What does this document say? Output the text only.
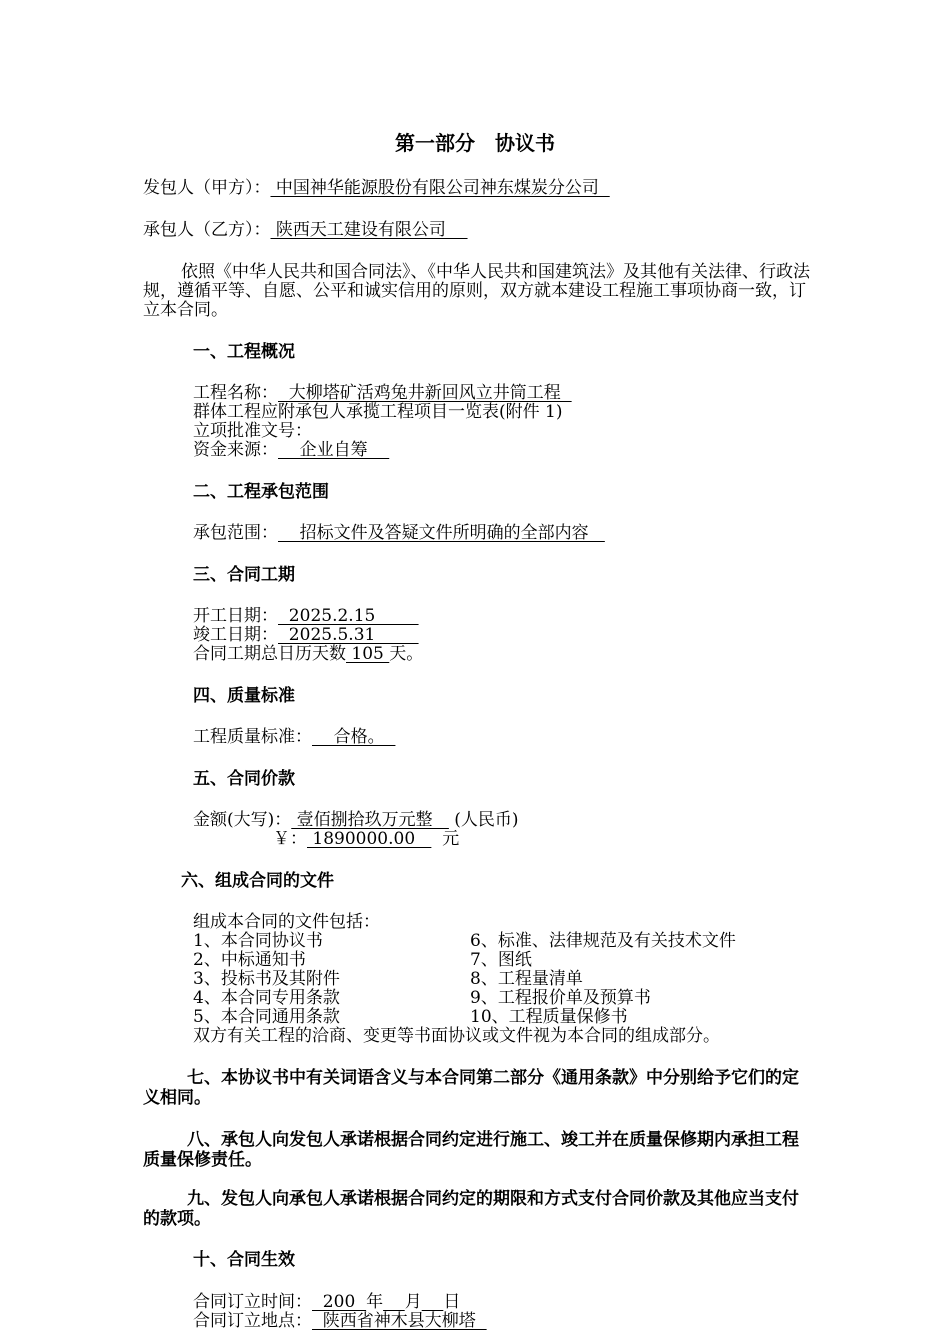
第一部分　协议书
发包人（甲方）： 中国神华能源股份有限公司神东煤炭分公司
承包人（乙方）： 陕西天工建设有限公司
依照《中华人民共和国合同法》、《中华人民共和国建筑法》及其他有关法律、行政法规，遵循平等、自愿、公平和诚实信用的原则，双方就本建设工程施工事项协商一致，订立本合同。
一、工程概况
工程名称：  大柳塔矿活鸡兔井新回风立井筒工程
群体工程应附承包人承揽工程项目一览表(附件 1)
立项批准文号：
资金来源：    企业自筹
二、工程承包范围
承包范围：    招标文件及答疑文件所明确的全部内容
三、合同工期
开工日期：  2025.2.15
竣工日期：  2025.5.31
合同工期总日历天数 105 天。
四、质量标准
工程质量标准：    合格。
五、合同价款
金额(大写)： 壹佰捌拾玖万元整    (人民币)
￥： 1890000.00     元
六、组成合同的文件
组成本合同的文件包括：
1、本合同协议书
2、中标通知书
3、投标书及其附件
4、本合同专用条款
5、本合同通用条款
6、标准、法律规范及有关技术文件
7、图纸
8、工程量清单
9、工程报价单及预算书
10、工程质量保修书
双方有关工程的洽商、变更等书面协议或文件视为本合同的组成部分。
七、本协议书中有关词语含义与本合同第二部分《通用条款》中分别给予它们的定义相同。
八、承包人向发包人承诺根据合同约定进行施工、竣工并在质量保修期内承担工程质量保修责任。
九、发包人向承包人承诺根据合同约定的期限和方式支付合同价款及其他应当支付的款项。
十、合同生效
合同订立时间：  200  年 月 日
合同订立地点：  陕西省神木县大柳塔
